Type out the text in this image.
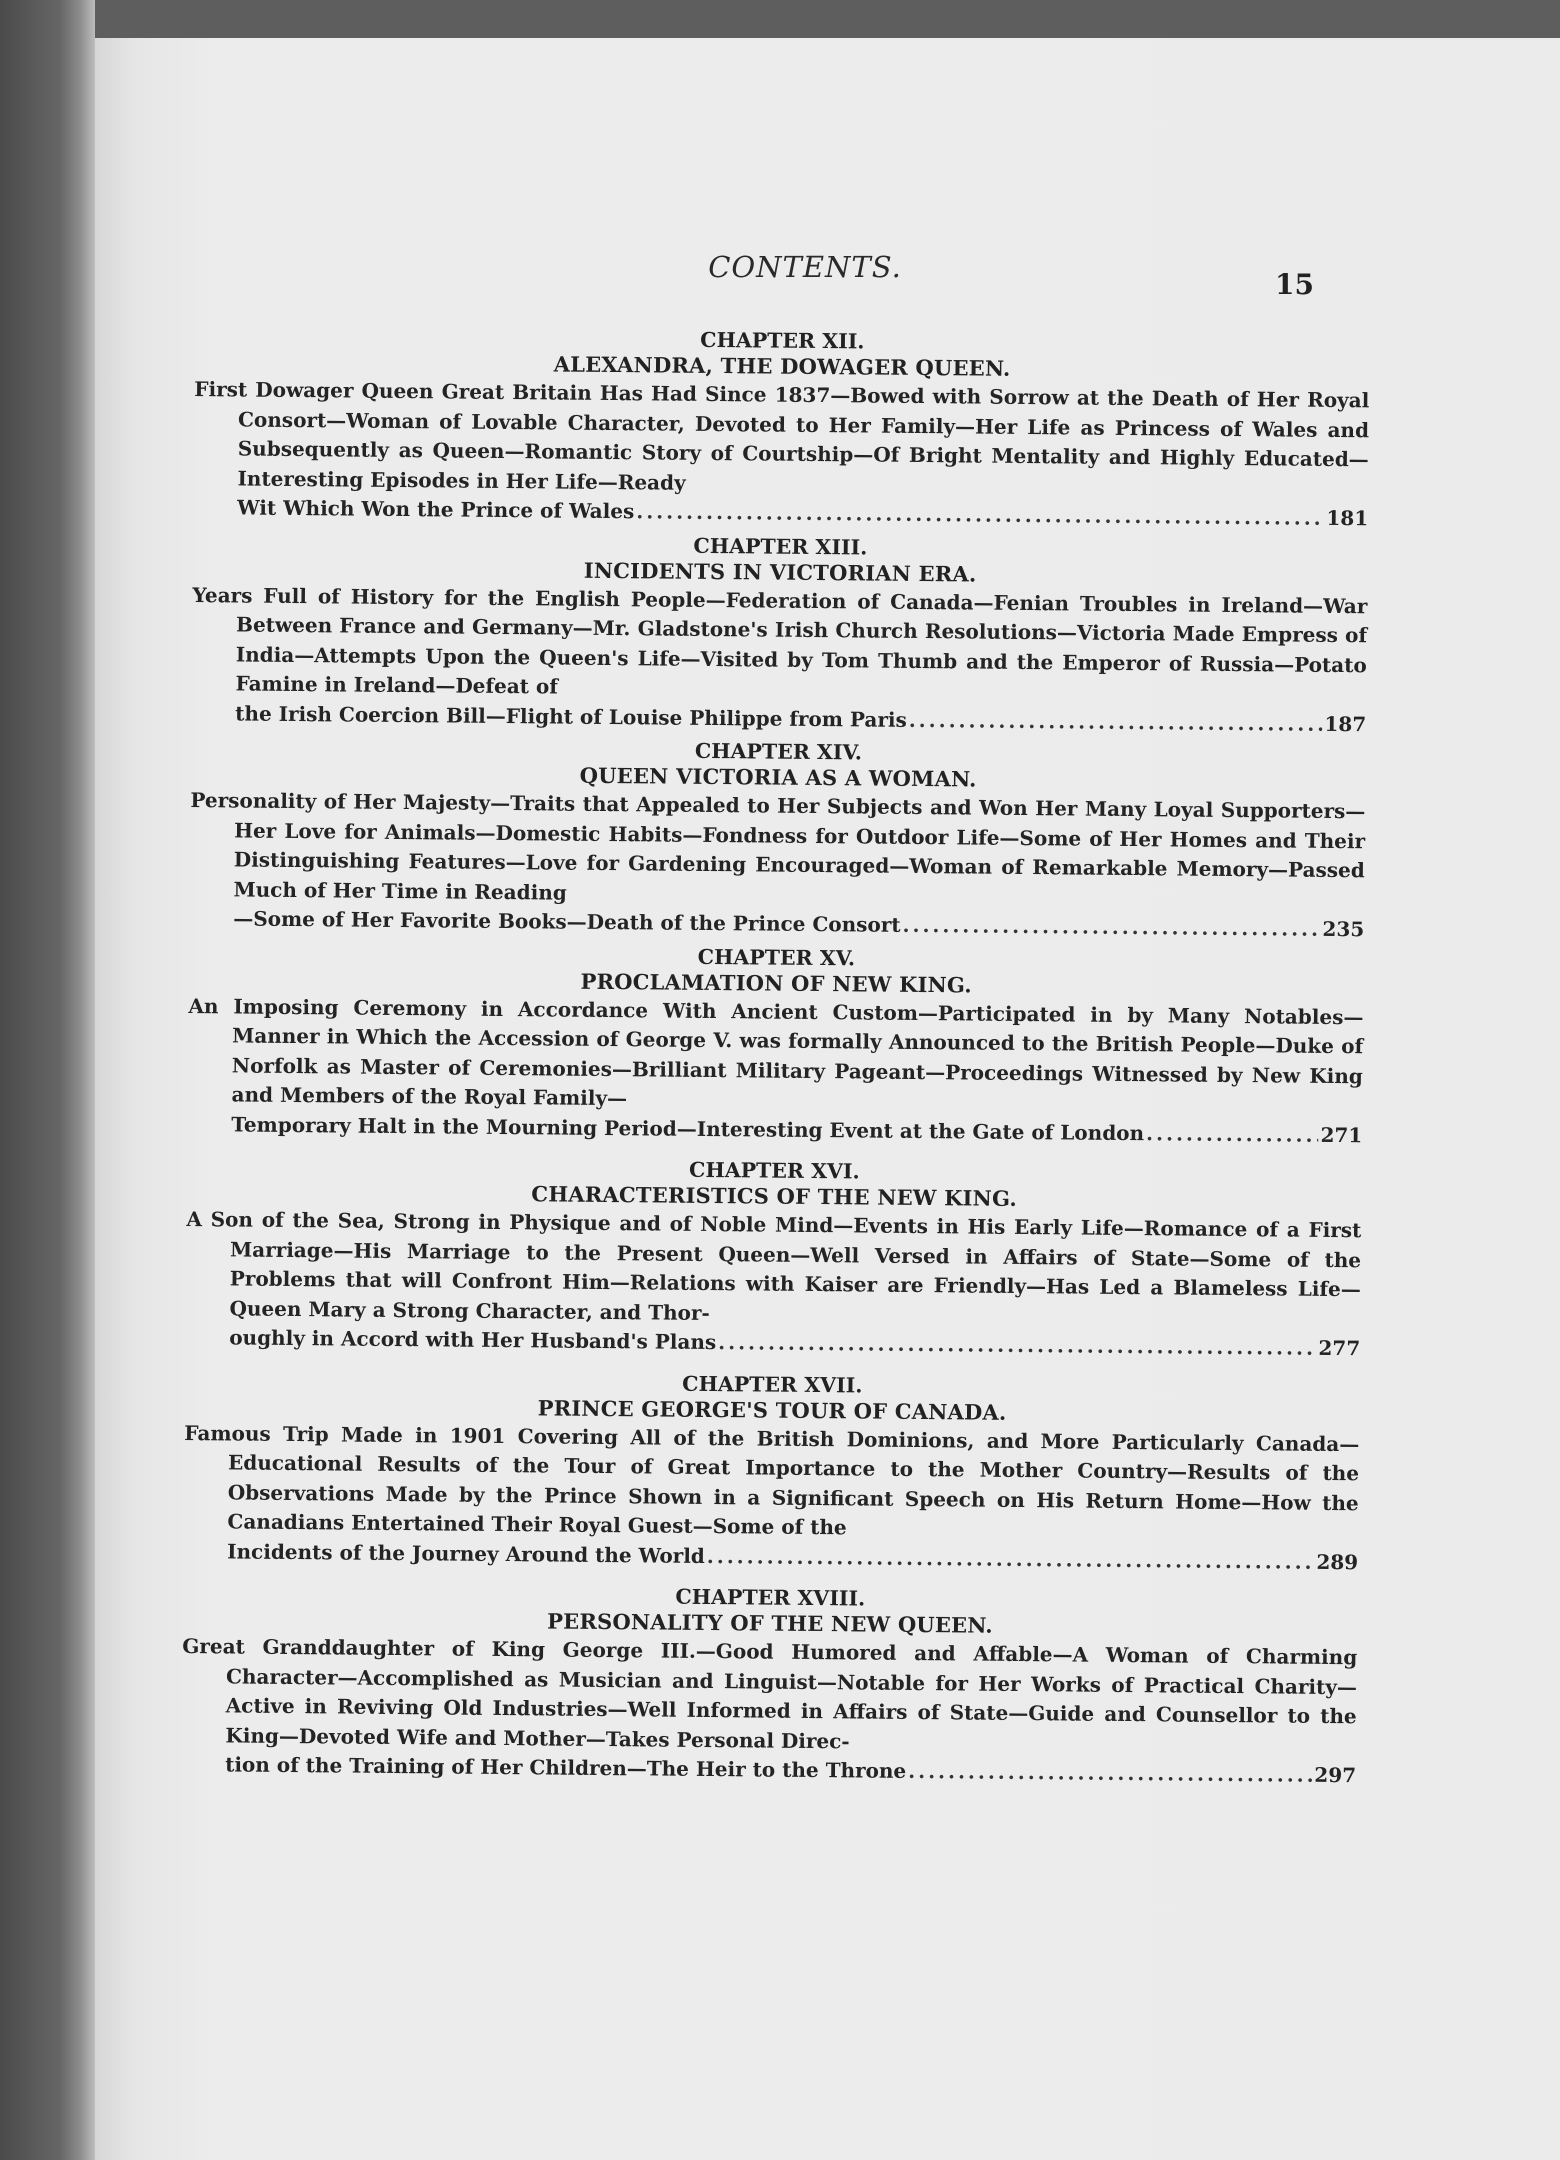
CONTENTS.
15
CHAPTER XII.
ALEXANDRA, THE DOWAGER QUEEN.
First Dowager Queen Great Britain Has Had Since 1837—Bowed with Sorrow at the Death of Her Royal Consort—Woman of Lovable Character, Devoted to Her Family—Her Life as Princess of Wales and Subsequently as Queen—Romantic Story of Courtship—Of Bright Mentality and Highly Educated—Interesting Episodes in Her Life—Ready
Wit Which Won the Prince of Wales .....	181
CHAPTER XIII.
INCIDENTS IN VICTORIAN ERA.
Years Full of History for the English People—Federation of Canada—Fenian Troubles in Ireland—War Between France and Germany—Mr. Gladstone's Irish Church Resolutions—Victoria Made Empress of India—Attempts Upon the Queen's Life—Visited by Tom Thumb and the Emperor of Russia—Potato Famine in Ireland—Defeat of
the Irish Coercion Bill—Flight of Louise Philippe from Paris .....	187
CHAPTER XIV.
QUEEN VICTORIA AS A WOMAN.
Personality of Her Majesty—Traits that Appealed to Her Subjects and Won Her Many Loyal Supporters—Her Love for Animals—Domestic Habits—Fondness for Outdoor Life—Some of Her Homes and Their Distinguishing Features—Love for Gardening Encouraged—Woman of Remarkable Memory—Passed Much of Her Time in Reading
—Some of Her Favorite Books—Death of the Prince Consort .....	235
CHAPTER XV.
PROCLAMATION OF NEW KING.
An Imposing Ceremony in Accordance With Ancient Custom—Participated in by Many Notables—Manner in Which the Accession of George V. was formally Announced to the British People—Duke of Norfolk as Master of Ceremonies—Brilliant Military Pageant—Proceedings Witnessed by New King and Members of the Royal Family—
Temporary Halt in the Mourning Period—Interesting Event at the Gate of London .....	271
CHAPTER XVI.
CHARACTERISTICS OF THE NEW KING.
A Son of the Sea, Strong in Physique and of Noble Mind—Events in His Early Life—Romance of a First Marriage—His Marriage to the Present Queen—Well Versed in Affairs of State—Some of the Problems that will Confront Him—Relations with Kaiser are Friendly—Has Led a Blameless Life—Queen Mary a Strong Character, and Thor-
oughly in Accord with Her Husband's Plans .....	277
CHAPTER XVII.
PRINCE GEORGE'S TOUR OF CANADA.
Famous Trip Made in 1901 Covering All of the British Dominions, and More Particularly Canada—Educational Results of the Tour of Great Importance to the Mother Country—Results of the Observations Made by the Prince Shown in a Significant Speech on His Return Home—How the Canadians Entertained Their Royal Guest—Some of the
Incidents of the Journey Around the World .....	289
CHAPTER XVIII.
PERSONALITY OF THE NEW QUEEN.
Great Granddaughter of King George III.—Good Humored and Affable—A Woman of Charming Character—Accomplished as Musician and Linguist—Notable for Her Works of Practical Charity—Active in Reviving Old Industries—Well Informed in Affairs of State—Guide and Counsellor to the King—Devoted Wife and Mother—Takes Personal Direc-
tion of the Training of Her Children—The Heir to the Throne .....	297
